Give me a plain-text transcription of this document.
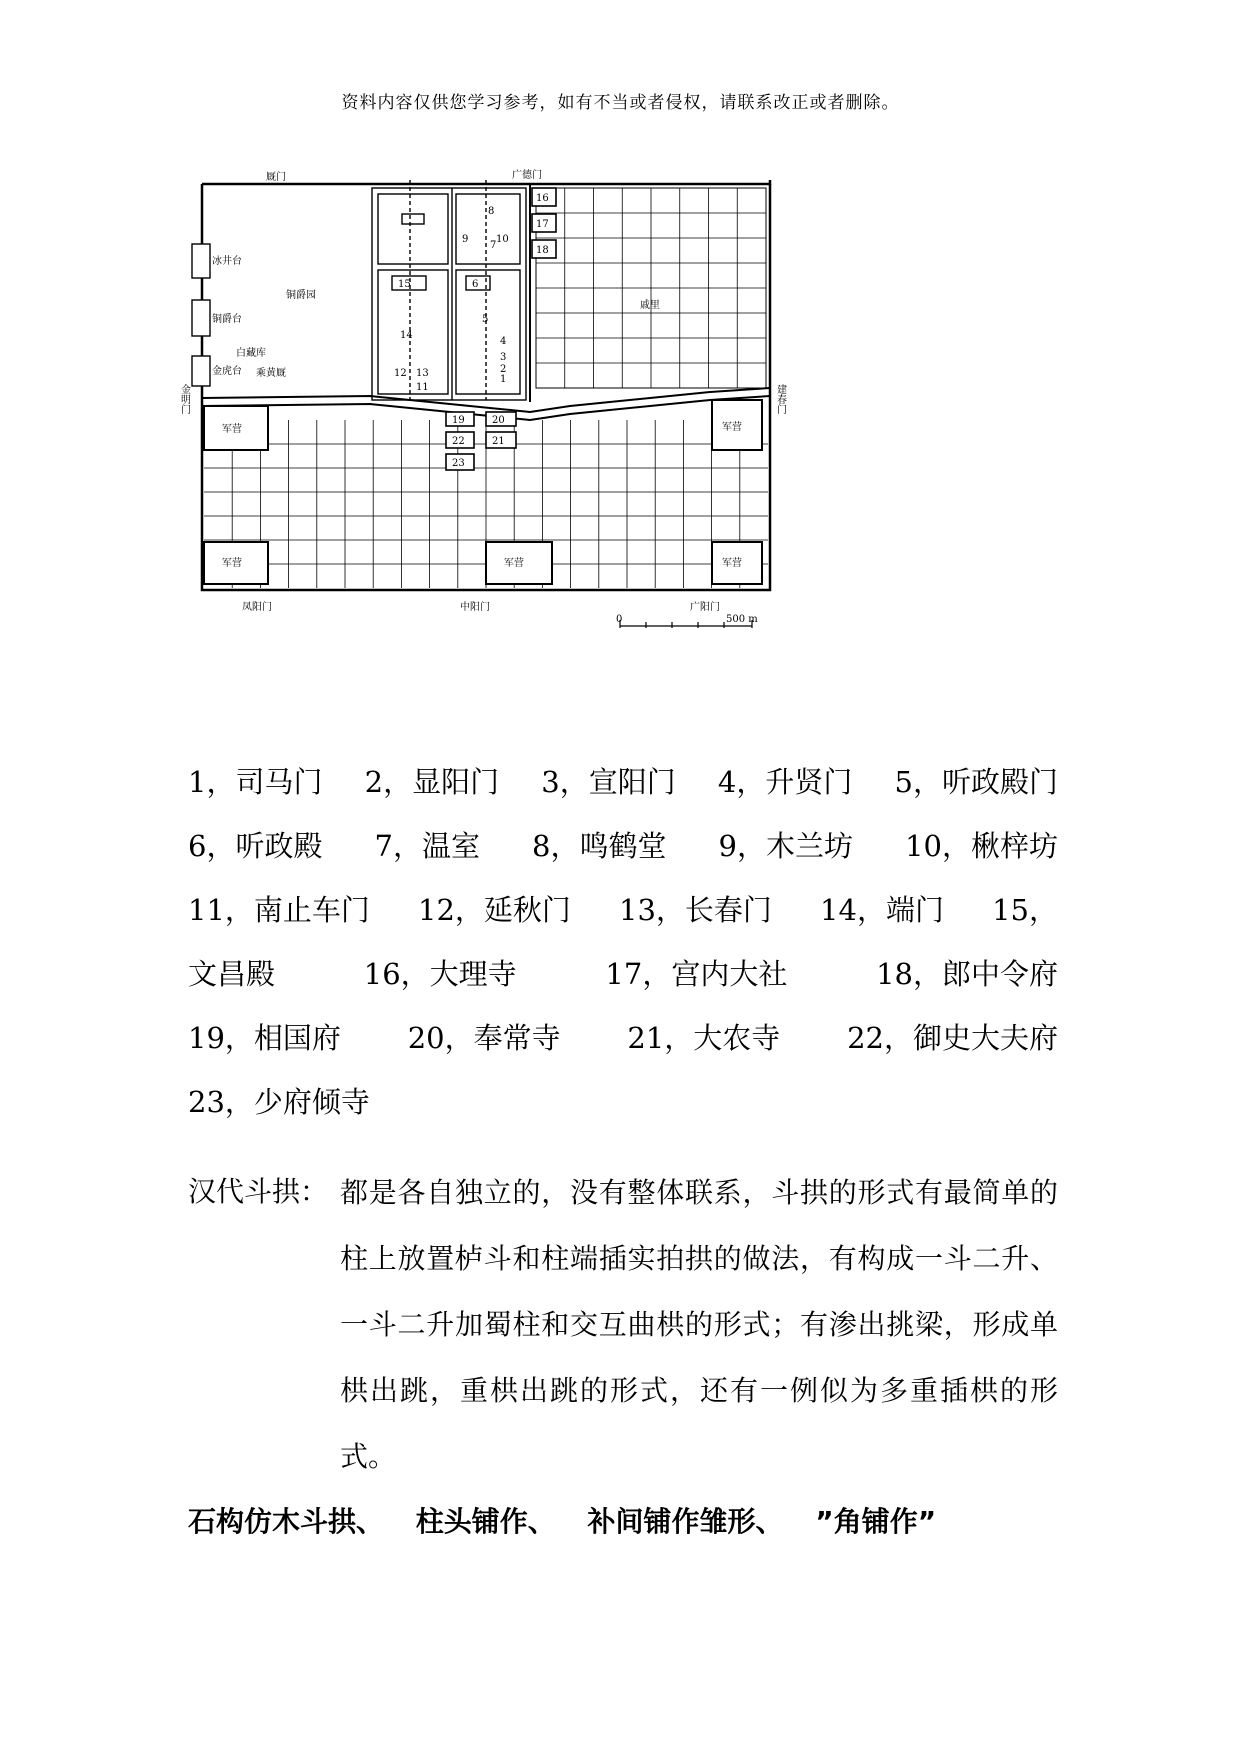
资料内容仅供您学习参考，如有不当或者侵权，请联系改正或者删除。
厩门	广德门
建春门
金明门
凤阳门	中阳门	广阳门
冰井台
铜爵台
金虎台
铜爵园
白藏库
乘黄厩
戚里
军营
军营	军营
军营
军营
0	500 m
1
2
3
4
5
6
7
8
9	10
11
12 13
14
15
16
17
18
19	20
21
22
23
1，司马门 2，显阳门 3，宣阳门 4，升贤门 5，听政殿门
6，听政殿 7，温室 8，鸣鹤堂 9，木兰坊 10，楸梓坊
11，南止车门 12，延秋门 13，长春门 14，端门 15，
文昌殿	16，大理寺	17，宫内大社	18，郎中令府
19，相国府 20，奉常寺 21，大农寺 22，御史大夫府
23，少府倾寺
汉代斗拱： 都是各自独立的，没有整体联系，斗拱的形式有最简单的柱上放置栌斗和柱端插实拍拱的做法，有构成一斗二升、 一斗二升加蜀柱和交互曲栱的形式；有渗出挑梁，形成单栱出跳，重栱出跳的形式，还有一例似为多重插栱的形式。
石构仿木斗拱、 柱头铺作、 补间铺作雏形、 ”角铺作”
